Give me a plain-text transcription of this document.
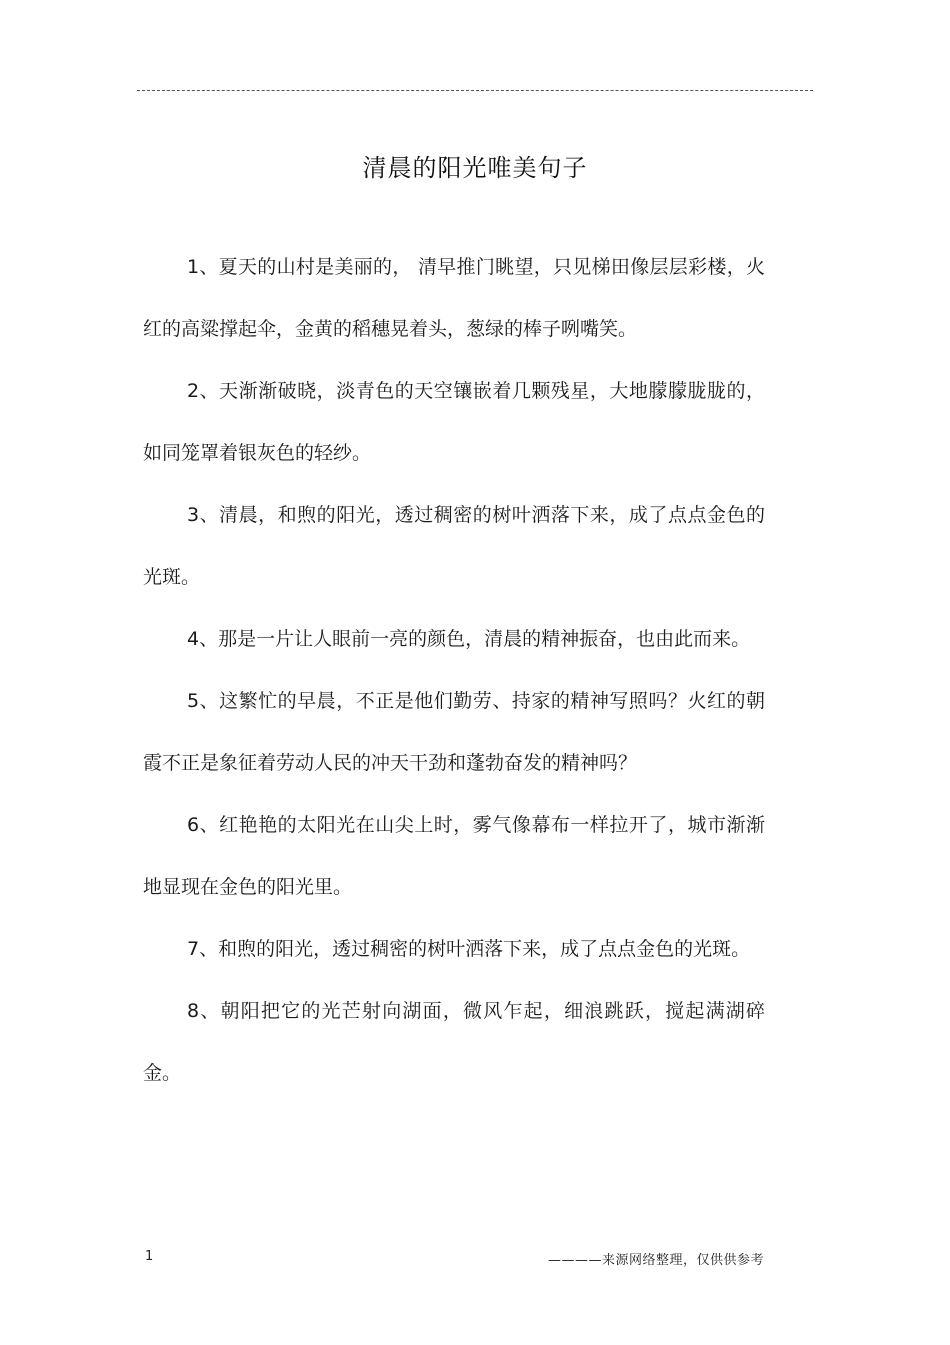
清晨的阳光唯美句子

1、夏天的山村是美丽的， 清早推门眺望，只见梯田像层层彩楼，火红的高粱撑起伞，金黄的稻穗晃着头，葱绿的棒子咧嘴笑。

2、天渐渐破晓，淡青色的天空镶嵌着几颗残星，大地朦朦胧胧的，如同笼罩着银灰色的轻纱。

3、清晨，和煦的阳光，透过稠密的树叶洒落下来，成了点点金色的光斑。

4、那是一片让人眼前一亮的颜色，清晨的精神振奋，也由此而来。

5、这繁忙的早晨，不正是他们勤劳、持家的精神写照吗？火红的朝霞不正是象征着劳动人民的冲天干劲和蓬勃奋发的精神吗？

6、红艳艳的太阳光在山尖上时，雾气像幕布一样拉开了，城市渐渐地显现在金色的阳光里。

7、和煦的阳光，透过稠密的树叶洒落下来，成了点点金色的光斑。

8、朝阳把它的光芒射向湖面，微风乍起，细浪跳跃，搅起满湖碎金。

1	————来源网络整理，仅供供参考
